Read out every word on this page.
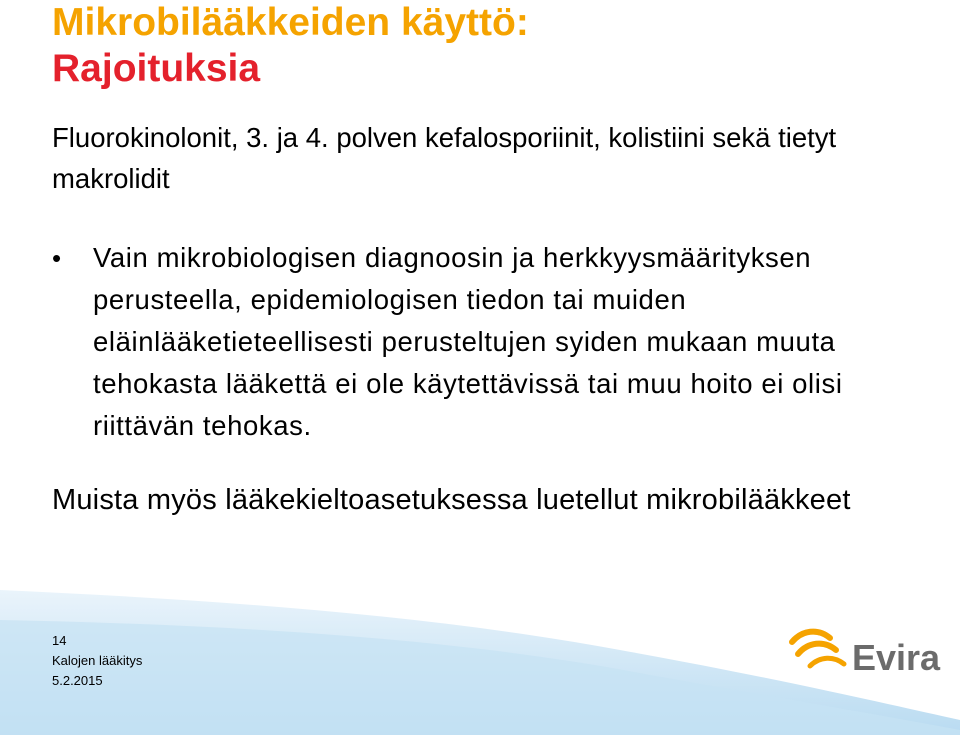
Mikrobilääkkeiden käyttö:
Rajoituksia
Fluorokinolonit, 3. ja 4. polven kefalosporiinit, kolistiini sekä tietyt makrolidit
• Vain mikrobiologisen diagnoosin ja herkkyysmäärityksen perusteella, epidemiologisen tiedon tai muiden eläinlääketieteellisesti perusteltujen syiden mukaan muuta tehokasta lääkettä ei ole käytettävissä tai muu hoito ei olisi riittävän tehokas.
Muista myös lääkekieltoasetuksessa luetellut mikrobilääkkeet
14
Kalojen lääkitys
5.2.2015
Evira
